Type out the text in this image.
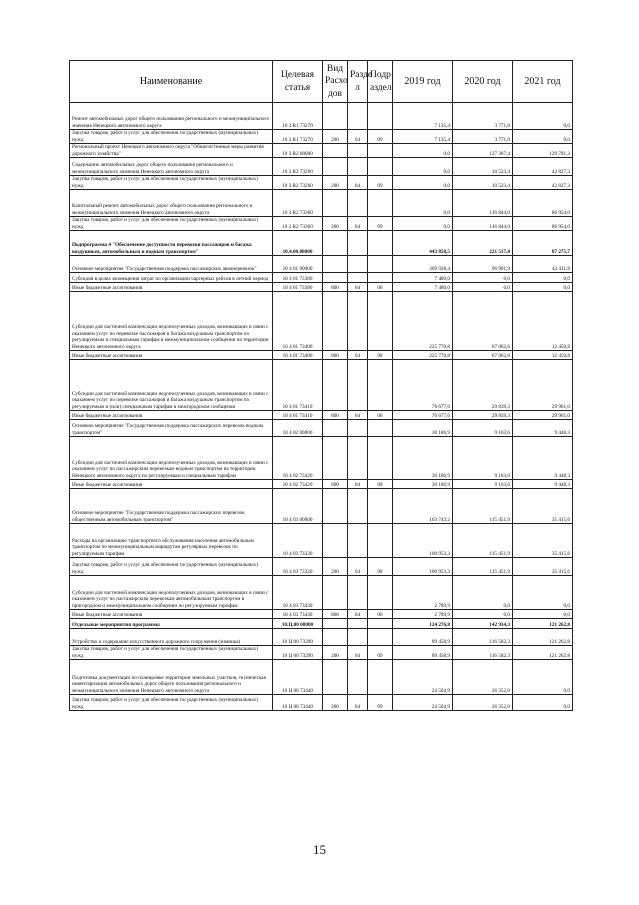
Наименование	Целевая статья	Вид Расхо дов	Разде л	Подр аздел	2019 год	2020 год	2021 год
Ремонт автомобильных дорог общего пользования регионального и межмуниципального значения Ненецкого автономного округа	10 3 R1 73270				7 135,4	3 771,0	0,0
Закупка товаров, работ и услуг для обеспечения государственных (муниципальных) нужд	10 3 R1 73270	200	04	09	7 135,4	3 771,0	0,0
Региональный проект Ненецкого автономного округа "Общесистемные меры развития дорожного хозяйства"	10 3 R2 00000				0,0	127 367,4	129 781,3
Содержание автомобильных дорог общего пользования регионального и межмуниципального значения Ненецкого автономного округа	10 3 R2 73260				0,0	10 523,4	42 827,3
Закупка товаров, работ и услуг для обеспечения государственных (муниципальных) нужд	10 3 R2 73260	200	04	09	0,0	10 523,4	42 827,3
Капитальный ремонт автомобильных дорог общего пользования регионального и межмуниципального значения Ненецкого автономного округа	10 3 R2 73360				0,0	116 844,0	86 954,0
Закупка товаров, работ и услуг для обеспечения государственных (муниципальных) нужд	10 3 R2 73360	200	04	09	0,0	116 844,0	86 954,0
Подпрограмма 4 "Обеспечение доступности перевозки пассажиров и багажа воздушным, автомобильным и водным транспортом"	10.4.00.00000				443 858,5	221 517,4	87 275,7
Основное мероприятие "Государственная поддержка пассажирских авиаперевозок"	10 4 01 00000				309 928,4	96 901,9	42 411,8
Субсидия в целях возмещения затрат по организации чартерных рейсов в летний период	10 4 01 73380				7 480,0	0,0	0,0
Иные бюджетные ассигнования	10 4 01 73380	800	04	08	7 480,0	0,0	0,0
Субсидии для частичной компенсации недополученных доходов, возникающих в связи с оказанием услуг по перевозке пассажиров и багажа воздушным транспортом по регулируемым и специальным тарифам в межмуниципальном сообщении на территории Ненецкого автономного округа	10 4 01 73400				225 770,8	67 062,6	12 450,8
Иные бюджетные ассигнования	10 4 01 73400	800	04	08	225 770,8	67 062,6	12 450,8
Субсидии для частичной компенсации недополученных доходов, возникающих в связи с оказанием услуг по перевозке пассажиров и багажа воздушным транспортом по регулируемым и (или) специальным тарифам в межгородском сообщении	10 4 01 73410				76 677,6	29 839,3	29 961,0
Иные бюджетные ассигнования	10 4 01 73410	800	04	08	76 677,6	29 839,3	29 961,0
Основное мероприятие "Государственная поддержка пассажирских перевозок водным транспортом"	10 4 02 00000				30 186,9	9 163,6	9 448,3
Субсидии для частичной компенсации недополученных доходов, возникающих в связи с оказанием услуг по пассажирским перевозкам водным транспортом на территории Ненецкого автономного округа по регулируемым и специальным тарифам	10 4 02 73420				30 186,9	9 163,6	9 448,3
Иные бюджетные ассигнования	10 4 02 73420	800	04	08	30 186,9	9 163,6	9 448,3
Основное мероприятие "Государственная поддержка пассажирских перевозок общественным автомобильным транспортом"	10 4 03 00000				103 743,2	115 451,9	35 415,6
Расходы на организацию транспортного обслуживания населения автомобильным транспортом по межмуниципальным маршрутам регулярных перевозок по регулируемым тарифам	10 4 03 73320				100 953,3	115 451,9	35 415,6
Закупка товаров, работ и услуг для обеспечения государственных (муниципальных) нужд	10 4 03 73320	200	04	08	100 953,3	115 451,9	35 415,6
Субсидии для частичной компенсации недополученных доходов, возникающих в связи с оказанием услуг по пассажирским перевозкам автомобильным транспортом в пригородном и межмуниципальном сообщении по регулируемым тарифам	10 4 03 73430				2 789,9	0,0	0,0
Иные бюджетные ассигнования	10 4 03 73430	800	04	08	2 789,9	0,0	0,0
Отдельные мероприятия программы	10.Ц.00 00000				124 276,8	142 934,3	121 262,8
Устройство и содержание искусственного дорожного сооружения (зимника)	10 Ц 00 73290				89 458,9	116 582,3	121 262,8
Закупка товаров, работ и услуг для обеспечения государственных (муниципальных) нужд	10 Ц 00 73290	200	04	09	89 458,9	116 582,3	121 262,8
Подготовка документации по планировке территории земельных участков, техническая инвентаризация автомобильных дорог общего пользования регионального и межмуниципального значения Ненецкого автономного округа	10 Ц 00 73440				24 504,9	26 352,0	0,0
Закупка товаров, работ и услуг для обеспечения государственных (муниципальных) нужд	10 Ц 00 73440	200	04	09	24 504,9	26 352,0	0,0
15
